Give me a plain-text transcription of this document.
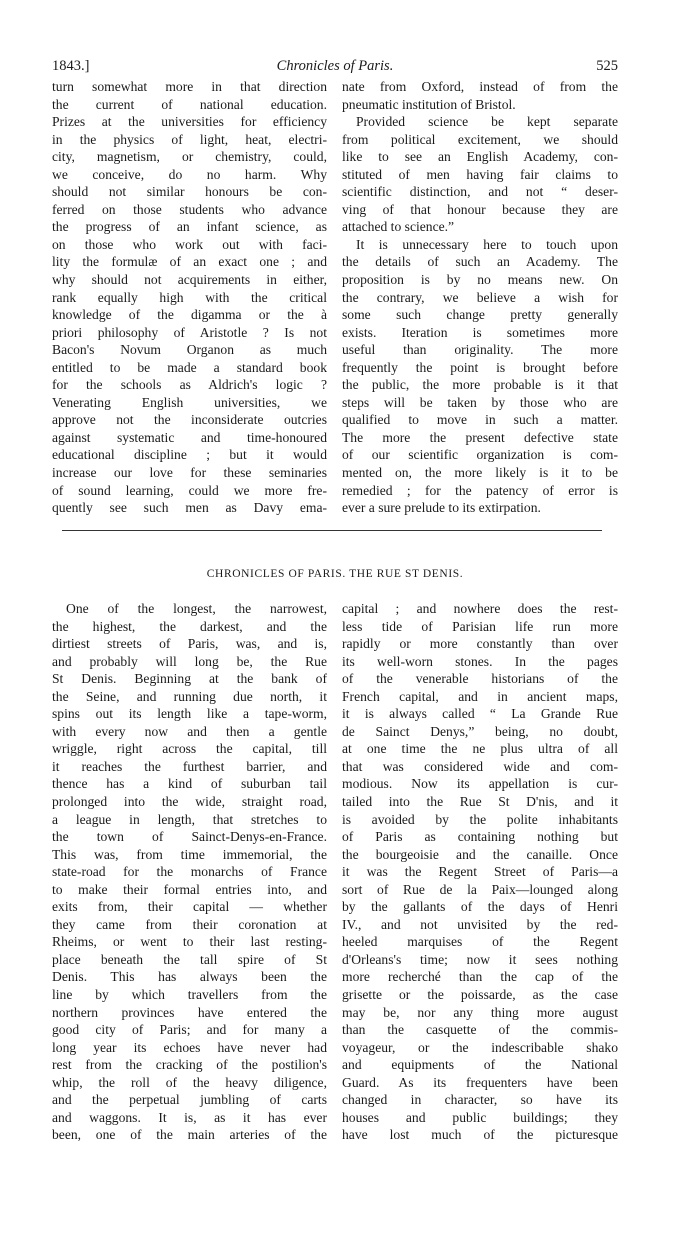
1843.]	Chronicles of Paris.	525
turn somewhat more in that direction
the current of national education.
Prizes at the universities for efficiency
in the physics of light, heat, electri-
city, magnetism, or chemistry, could,
we conceive, do no harm. Why
should not similar honours be con-
ferred on those students who advance
the progress of an infant science, as
on those who work out with faci-
lity the formulæ of an exact one ; and
why should not acquirements in either,
rank equally high with the critical
knowledge of the digamma or the à
priori philosophy of Aristotle ? Is not
Bacon's Novum Organon as much
entitled to be made a standard book
for the schools as Aldrich's logic ?
Venerating English universities, we
approve not the inconsiderate outcries
against systematic and time-honoured
educational discipline ; but it would
increase our love for these seminaries
of sound learning, could we more fre-
quently see such men as Davy ema-
nate from Oxford, instead of from the
pneumatic institution of Bristol.
Provided science be kept separate
from political excitement, we should
like to see an English Academy, con-
stituted of men having fair claims to
scientific distinction, and not “ deser-
ving of that honour because they are
attached to science.”
It is unnecessary here to touch upon
the details of such an Academy. The
proposition is by no means new. On
the contrary, we believe a wish for
some such change pretty generally
exists. Iteration is sometimes more
useful than originality. The more
frequently the point is brought before
the public, the more probable is it that
steps will be taken by those who are
qualified to move in such a matter.
The more the present defective state
of our scientific organization is com-
mented on, the more likely is it to be
remedied ; for the patency of error is
ever a sure prelude to its extirpation.
CHRONICLES OF PARIS. THE RUE ST DENIS.
One of the longest, the narrowest,
the highest, the darkest, and the
dirtiest streets of Paris, was, and is,
and probably will long be, the Rue
St Denis. Beginning at the bank of
the Seine, and running due north, it
spins out its length like a tape-worm,
with every now and then a gentle
wriggle, right across the capital, till
it reaches the furthest barrier, and
thence has a kind of suburban tail
prolonged into the wide, straight road,
a league in length, that stretches to
the town of Sainct-Denys-en-France.
This was, from time immemorial, the
state-road for the monarchs of France
to make their formal entries into, and
exits from, their capital — whether
they came from their coronation at
Rheims, or went to their last resting-
place beneath the tall spire of St
Denis. This has always been the
line by which travellers from the
northern provinces have entered the
good city of Paris; and for many a
long year its echoes have never had
rest from the cracking of the postilion's
whip, the roll of the heavy diligence,
and the perpetual jumbling of carts
and waggons. It is, as it has ever
been, one of the main arteries of the
capital ; and nowhere does the rest-
less tide of Parisian life run more
rapidly or more constantly than over
its well-worn stones. In the pages
of the venerable historians of the
French capital, and in ancient maps,
it is always called “ La Grande Rue
de Sainct Denys,” being, no doubt,
at one time the ne plus ultra of all
that was considered wide and com-
modious. Now its appellation is cur-
tailed into the Rue St D'nis, and it
is avoided by the polite inhabitants
of Paris as containing nothing but
the bourgeoisie and the canaille. Once
it was the Regent Street of Paris—a
sort of Rue de la Paix—lounged along
by the gallants of the days of Henri
IV., and not unvisited by the red-
heeled marquises of the Regent
d'Orleans's time; now it sees nothing
more recherché than the cap of the
grisette or the poissarde, as the case
may be, nor any thing more august
than the casquette of the commis-
voyageur, or the indescribable shako
and equipments of the National
Guard. As its frequenters have been
changed in character, so have its
houses and public buildings; they
have lost much of the picturesque
